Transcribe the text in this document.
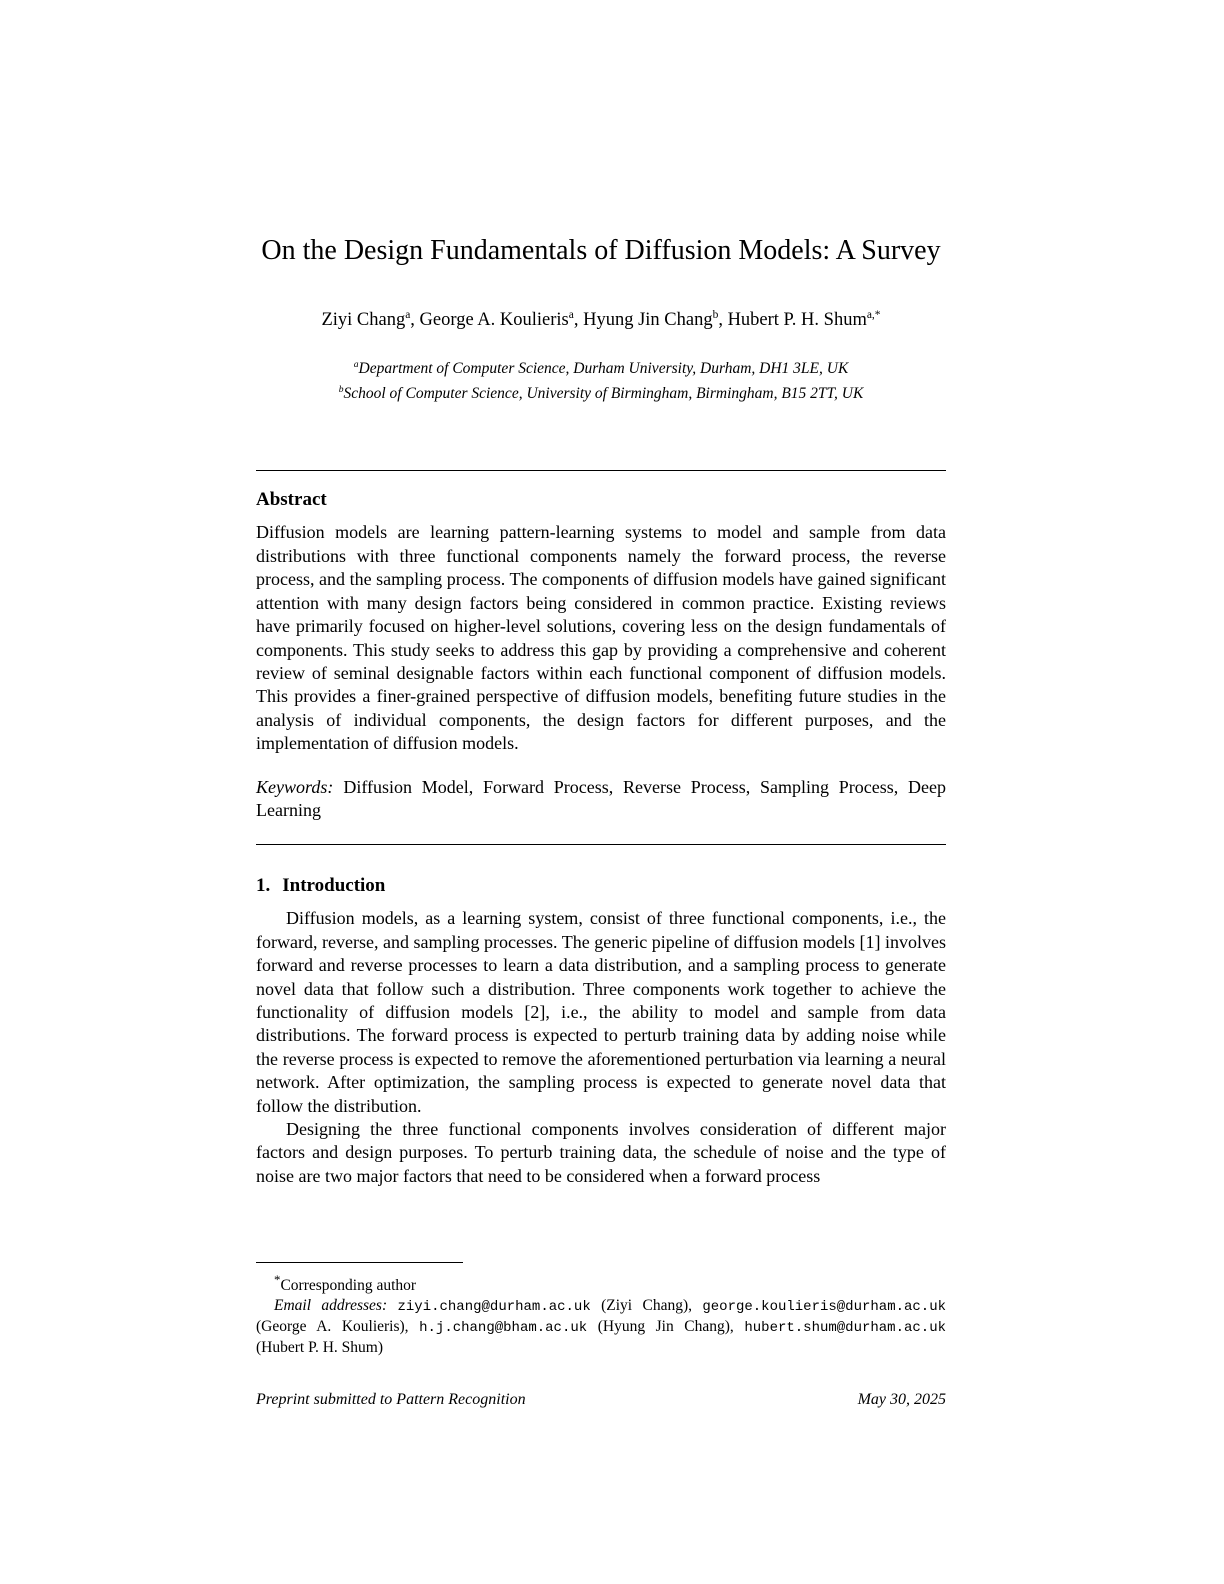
On the Design Fundamentals of Diffusion Models: A Survey
Ziyi Chang$^a$, George A. Koulieris$^a$, Hyung Jin Chang$^b$, Hubert P. H. Shum$^{a,*}$
$^a$Department of Computer Science, Durham University, Durham, DH1 3LE, UK
$^b$School of Computer Science, University of Birmingham, Birmingham, B15 2TT, UK
Abstract

Diffusion models are learning pattern-learning systems to model and sample from data distributions with three functional components namely the forward process, the reverse process, and the sampling process. The components of diffusion models have gained significant attention with many design factors being considered in common practice. Existing reviews have primarily focused on higher-level solutions, covering less on the design fundamentals of components. This study seeks to address this gap by providing a comprehensive and coherent review of seminal designable factors within each functional component of diffusion models. This provides a finer-grained perspective of diffusion models, benefiting future studies in the analysis of individual components, the design factors for different purposes, and the implementation of diffusion models.

Keywords: Diffusion Model, Forward Process, Reverse Process, Sampling Process, Deep Learning

1. Introduction

Diffusion models, as a learning system, consist of three functional components, i.e., the forward, reverse, and sampling processes. The generic pipeline of diffusion models [1] involves forward and reverse processes to learn a data distribution, and a sampling process to generate novel data that follow such a distribution. Three components work together to achieve the functionality of diffusion models [2], i.e., the ability to model and sample from data distributions. The forward process is expected to perturb training data by adding noise while the reverse process is expected to remove the aforementioned perturbation via learning a neural network. After optimization, the sampling process is expected to generate novel data that follow the distribution.

Designing the three functional components involves consideration of different major factors and design purposes. To perturb training data, the schedule of noise and the type of noise are two major factors that need to be considered when a forward process

*Corresponding author

Email addresses: ziyi.chang@durham.ac.uk (Ziyi Chang), george.koulieris@durham.ac.uk (George A. Koulieris), h.j.chang@bham.ac.uk (Hyung Jin Chang), hubert.shum@durham.ac.uk (Hubert P. H. Shum)

Preprint submitted to Pattern Recognition	May 30, 2025
